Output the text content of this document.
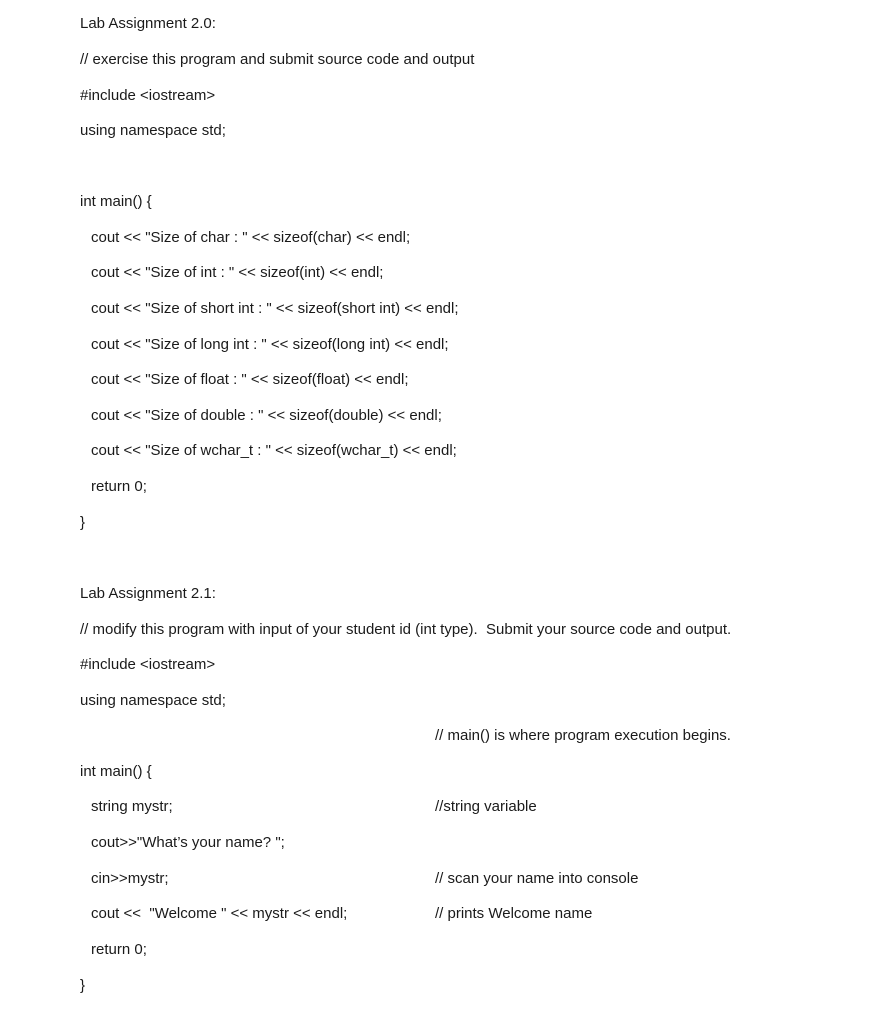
Lab Assignment 2.0:
// exercise this program and submit source code and output
#include <iostream>
using namespace std;
int main() {
cout << "Size of char : " << sizeof(char) << endl;
cout << "Size of int : " << sizeof(int) << endl;
cout << "Size of short int : " << sizeof(short int) << endl;
cout << "Size of long int : " << sizeof(long int) << endl;
cout << "Size of float : " << sizeof(float) << endl;
cout << "Size of double : " << sizeof(double) << endl;
cout << "Size of wchar_t : " << sizeof(wchar_t) << endl;
return 0;
}
Lab Assignment 2.1:
// modify this program with input of your student id (int type).  Submit your source code and output.
#include <iostream>
using namespace std;
// main() is where program execution begins.
int main() {
string mystr;	//string variable
cout>>"What’s your name? ";
cin>>mystr;	// scan your name into console
cout <<  "Welcome " << mystr << endl;	// prints Welcome name
return 0;
}
